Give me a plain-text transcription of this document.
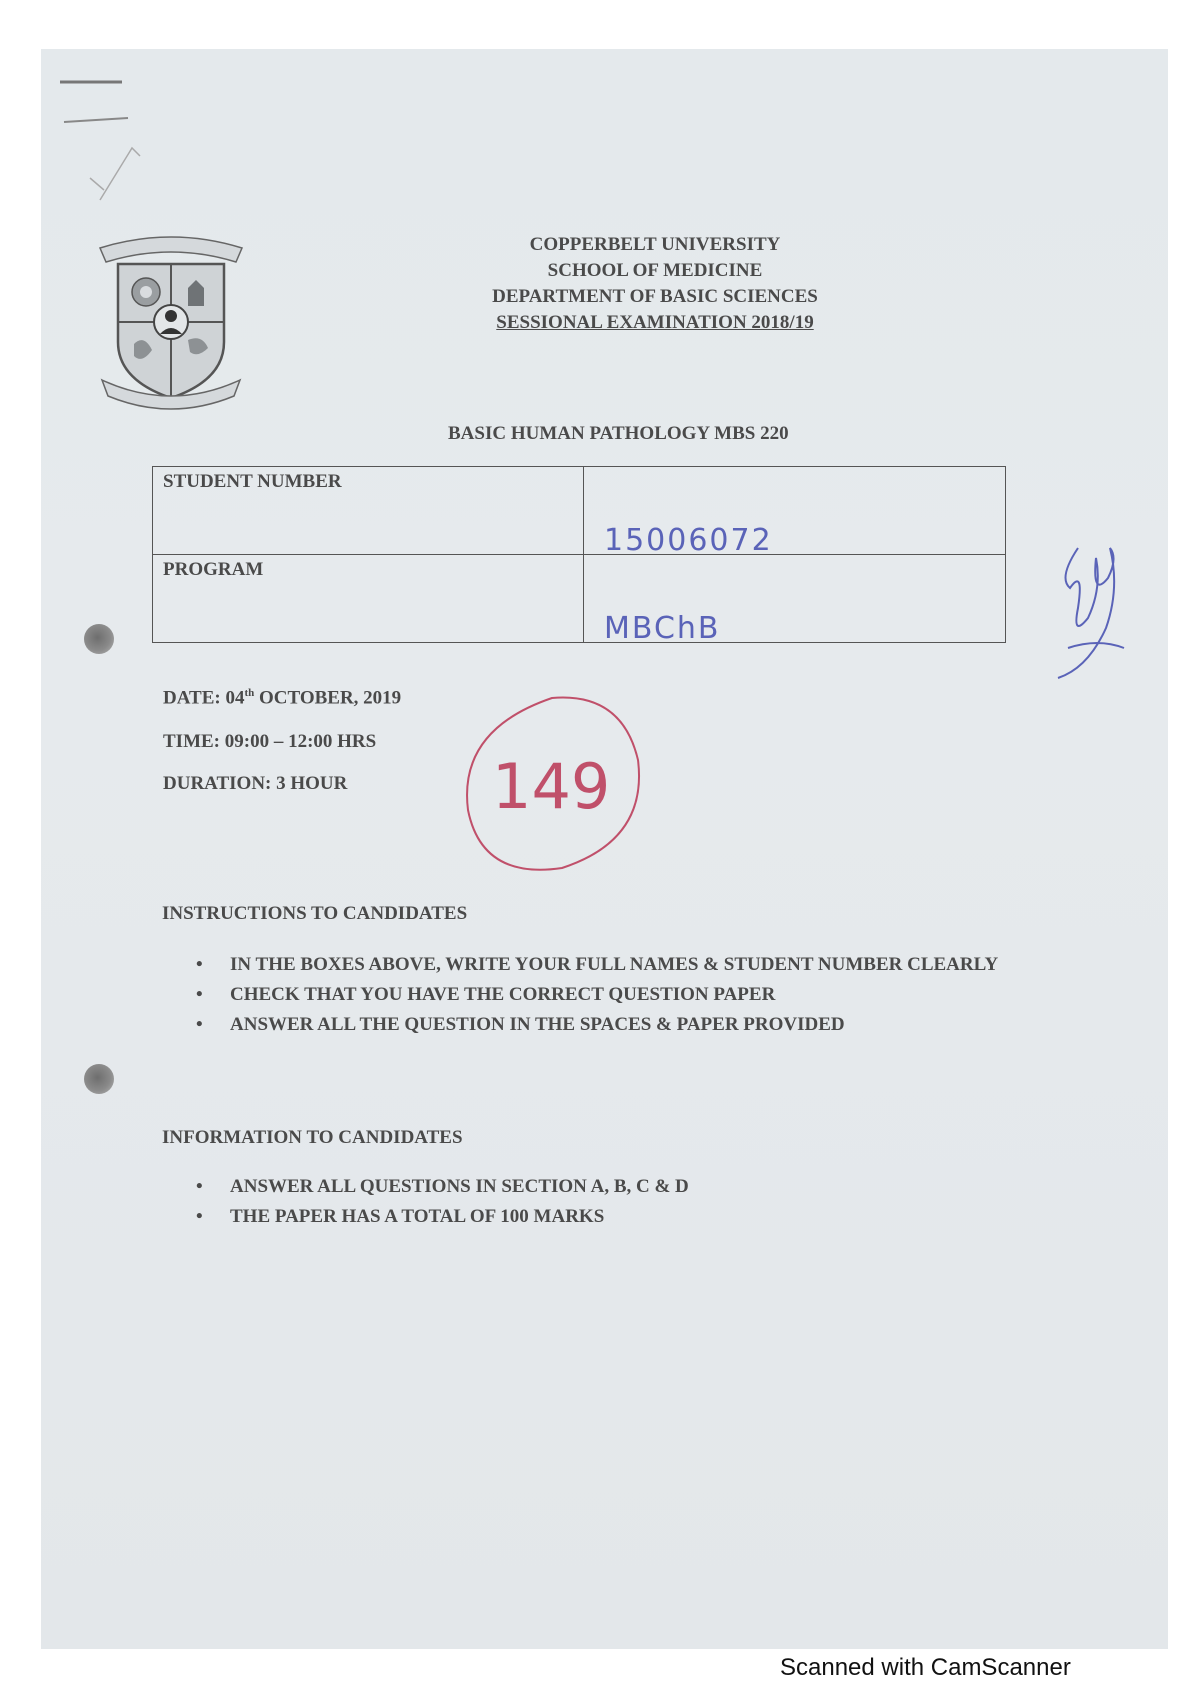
COPPERBELT UNIVERSITY
SCHOOL OF MEDICINE
DEPARTMENT OF BASIC SCIENCES
SESSIONAL EXAMINATION 2018/19
BASIC HUMAN PATHOLOGY MBS 220
STUDENT NUMBER	15006072

PROGRAM	MBChB
DATE: 04th OCTOBER, 2019
TIME: 09:00 – 12:00 HRS
DURATION: 3 HOUR 149
INSTRUCTIONS TO CANDIDATES
• IN THE BOXES ABOVE, WRITE YOUR FULL NAMES & STUDENT NUMBER CLEARLY
• CHECK THAT YOU HAVE THE CORRECT QUESTION PAPER
• ANSWER ALL THE QUESTION IN THE SPACES & PAPER PROVIDED
INFORMATION TO CANDIDATES
• ANSWER ALL QUESTIONS IN SECTION A, B, C & D
• THE PAPER HAS A TOTAL OF 100 MARKS
Scanned with CamScanner
